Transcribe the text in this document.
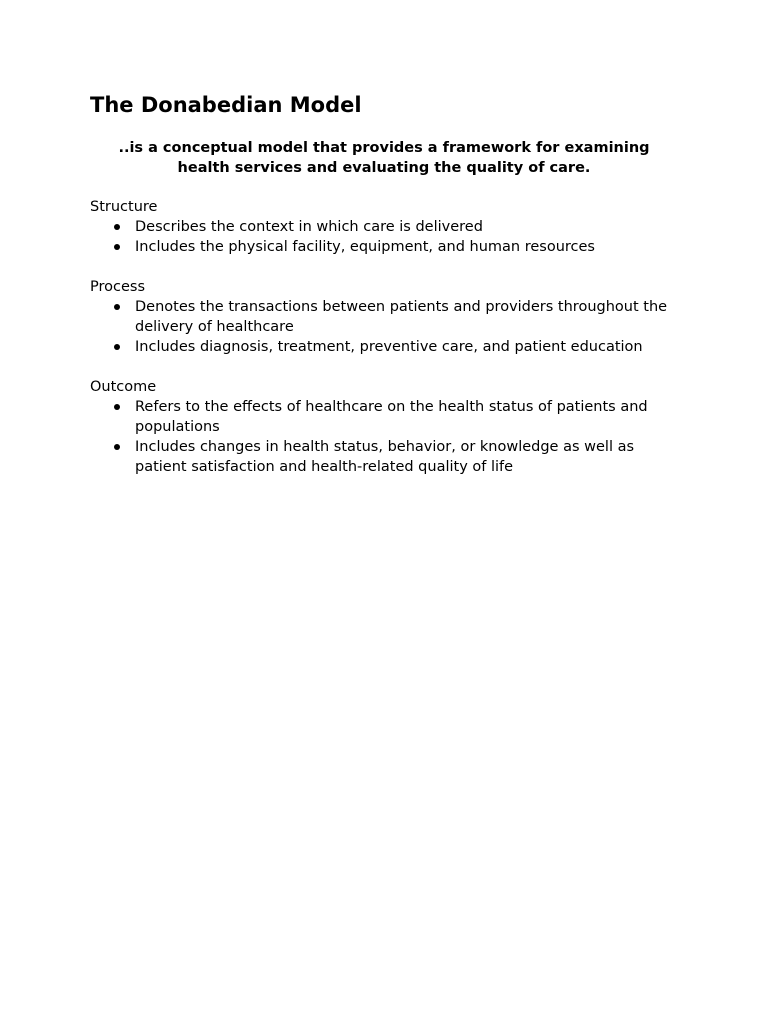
The Donabedian Model

..is a conceptual model that provides a framework for examining health services and evaluating the quality of care.

Structure

Describes the context in which care is delivered
Includes the physical facility, equipment, and human resources

Process

Denotes the transactions between patients and providers throughout the delivery of healthcare
Includes diagnosis, treatment, preventive care, and patient education

Outcome

Refers to the effects of healthcare on the health status of patients and populations
Includes changes in health status, behavior, or knowledge as well as patient satisfaction and health-related quality of life
